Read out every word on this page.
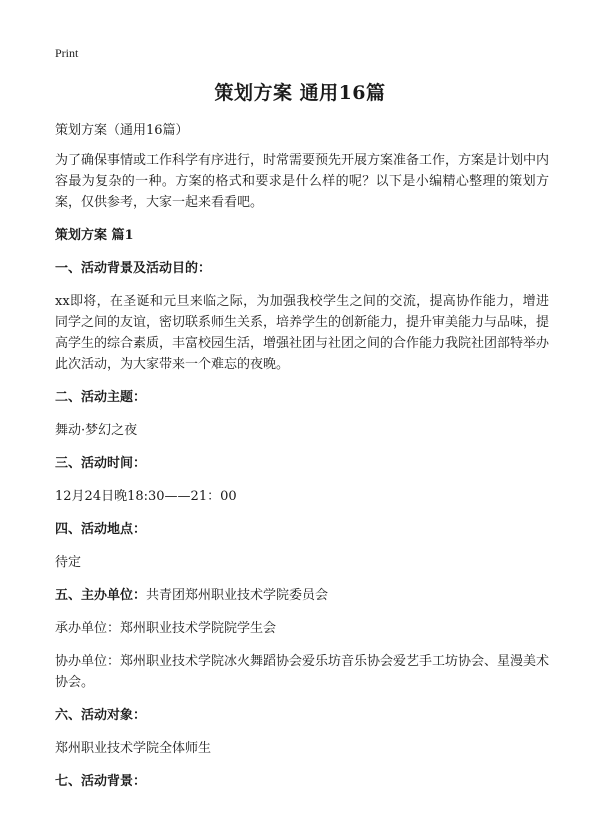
Print
策划方案 通用16篇

策划方案（通用16篇）

为了确保事情或工作科学有序进行，时常需要预先开展方案准备工作，方案是计划中内容最为复杂的一种。方案的格式和要求是什么样的呢？以下是小编精心整理的策划方案，仅供参考，大家一起来看看吧。

策划方案 篇1

一、活动背景及活动目的：

xx即将，在圣诞和元旦来临之际，为加强我校学生之间的交流，提高协作能力，增进同学之间的友谊，密切联系师生关系，培养学生的创新能力，提升审美能力与品味，提高学生的综合素质，丰富校园生活，增强社团与社团之间的合作能力我院社团部特举办此次活动，为大家带来一个难忘的夜晚。

二、活动主题：

舞动·梦幻之夜

三、活动时间：

12月24日晚18:30——21：00

四、活动地点：

待定

五、主办单位：共青团郑州职业技术学院委员会

承办单位：郑州职业技术学院院学生会

协办单位：郑州职业技术学院冰火舞蹈协会爱乐坊音乐协会爱艺手工坊协会、星漫美术协会。

六、活动对象：

郑州职业技术学院全体师生

七、活动背景：
